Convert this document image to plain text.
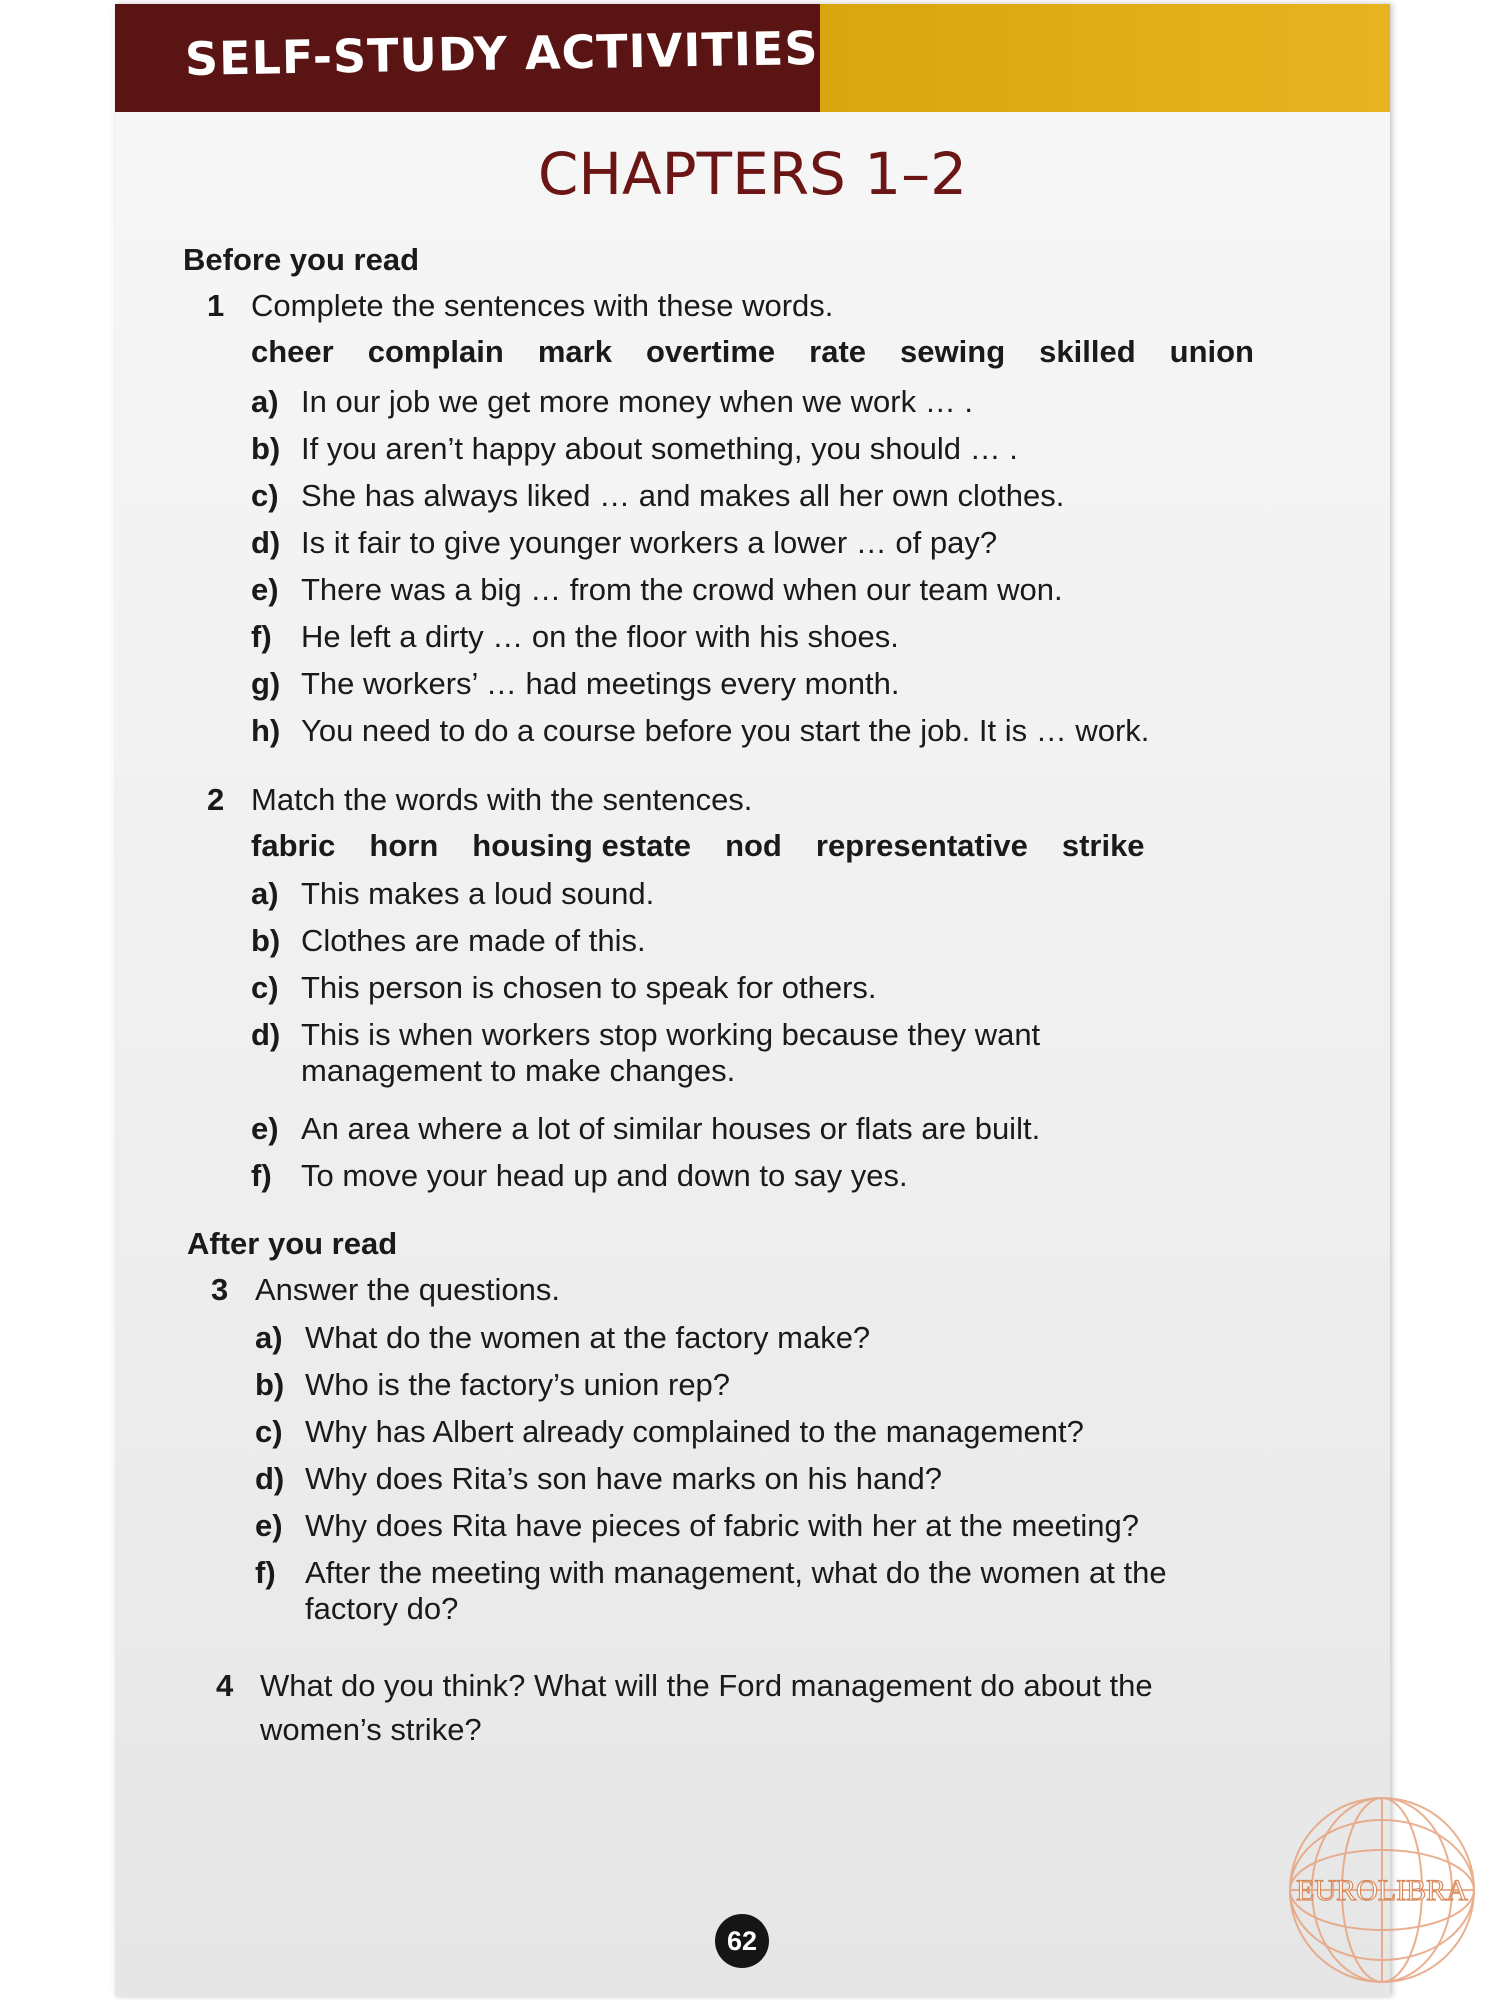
SELF-STUDY ACTIVITIES
CHAPTERS 1–2
Before you read
1 Complete the sentences with these words.
cheer complain mark overtime rate sewing skilled union
a) In our job we get more money when we work … .
b) If you aren’t happy about something, you should … .
c) She has always liked … and makes all her own clothes.
d) Is it fair to give younger workers a lower … of pay?
e) There was a big … from the crowd when our team won.
f) He left a dirty … on the floor with his shoes.
g) The workers’ … had meetings every month.
h) You need to do a course before you start the job. It is … work.
2 Match the words with the sentences.
fabric horn housing estate nod representative strike
a) This makes a loud sound.
b) Clothes are made of this.
c) This person is chosen to speak for others.
d) This is when workers stop working because they want
management to make changes.
e) An area where a lot of similar houses or flats are built.
f) To move your head up and down to say yes.
After you read
3 Answer the questions.
a) What do the women at the factory make?
b) Who is the factory’s union rep?
c) Why has Albert already complained to the management?
d) Why does Rita’s son have marks on his hand?
e) Why does Rita have pieces of fabric with her at the meeting?
f) After the meeting with management, what do the women at the
factory do?
4 What do you think? What will the Ford management do about the
women’s strike?
62
EUROLIBRA
